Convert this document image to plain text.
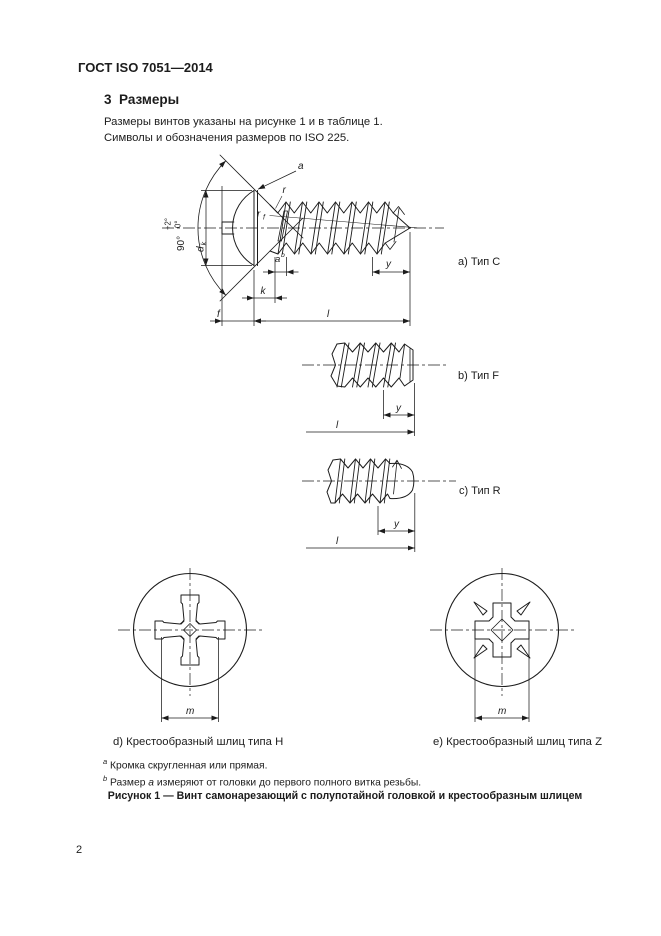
ГОСТ ISO 7051—2014
3  Размеры
Размеры винтов указаны на рисунке 1 и в таблице 1.
Символы и обозначения размеров по ISO 225.
d
k
90°
+2° 0°
a
r
r f
a b
y
k
f	l
a) Тип C
y
l
b) Тип F
y
l
c) Тип R
m
d) Крестообразный шлиц типа H
m
e) Крестообразный шлиц типа Z
$^a$ Кромка скругленная или прямая.
$^b$ Размер a измеряют от головки до первого полного витка резьбы.
Рисунок 1 — Винт самонарезающий с полупотайной головкой и крестообразным шлицем
2
